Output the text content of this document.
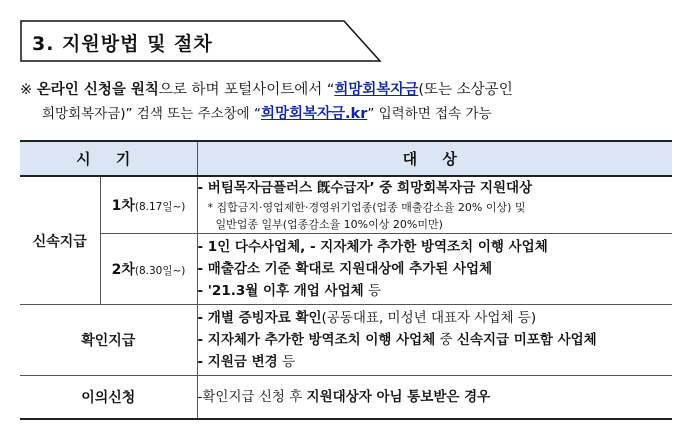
3. 지원방법 및 절차
※ 온라인 신청을 원칙으로 하며 포털사이트에서 “희망회복자금(또는 소상공인
희망회복자금)” 검색 또는 주소창에 “희망회복자금.kr” 입력하면 접속 가능
시 기		대 상
신속지급	1차(8.17일~)	- 버팀목자금플러스 旣수급자’ 중 희망회복자금 지원대상
* 집합금지·영업제한·경영위기업종(업종 매출감소율 20% 이상) 및
일반업종 일부(업종감소율 10%이상 20%미만)

	2차(8.30일~)	- 1인 다수사업체, - 지자체가 추가한 방역조치 이행 사업체
- 매출감소 기준 확대로 지원대상에 추가된 사업체
- '21.3월 이후 개업 사업체 등

확인지급		- 개별 증빙자료 확인(공동대표, 미성년 대표자 사업체 등)
- 지자체가 추가한 방역조치 이행 사업체 중 신속지급 미포함 사업체
- 지원금 변경 등

이의신청		-확인지급 신청 후 지원대상자 아님 통보받은 경우
